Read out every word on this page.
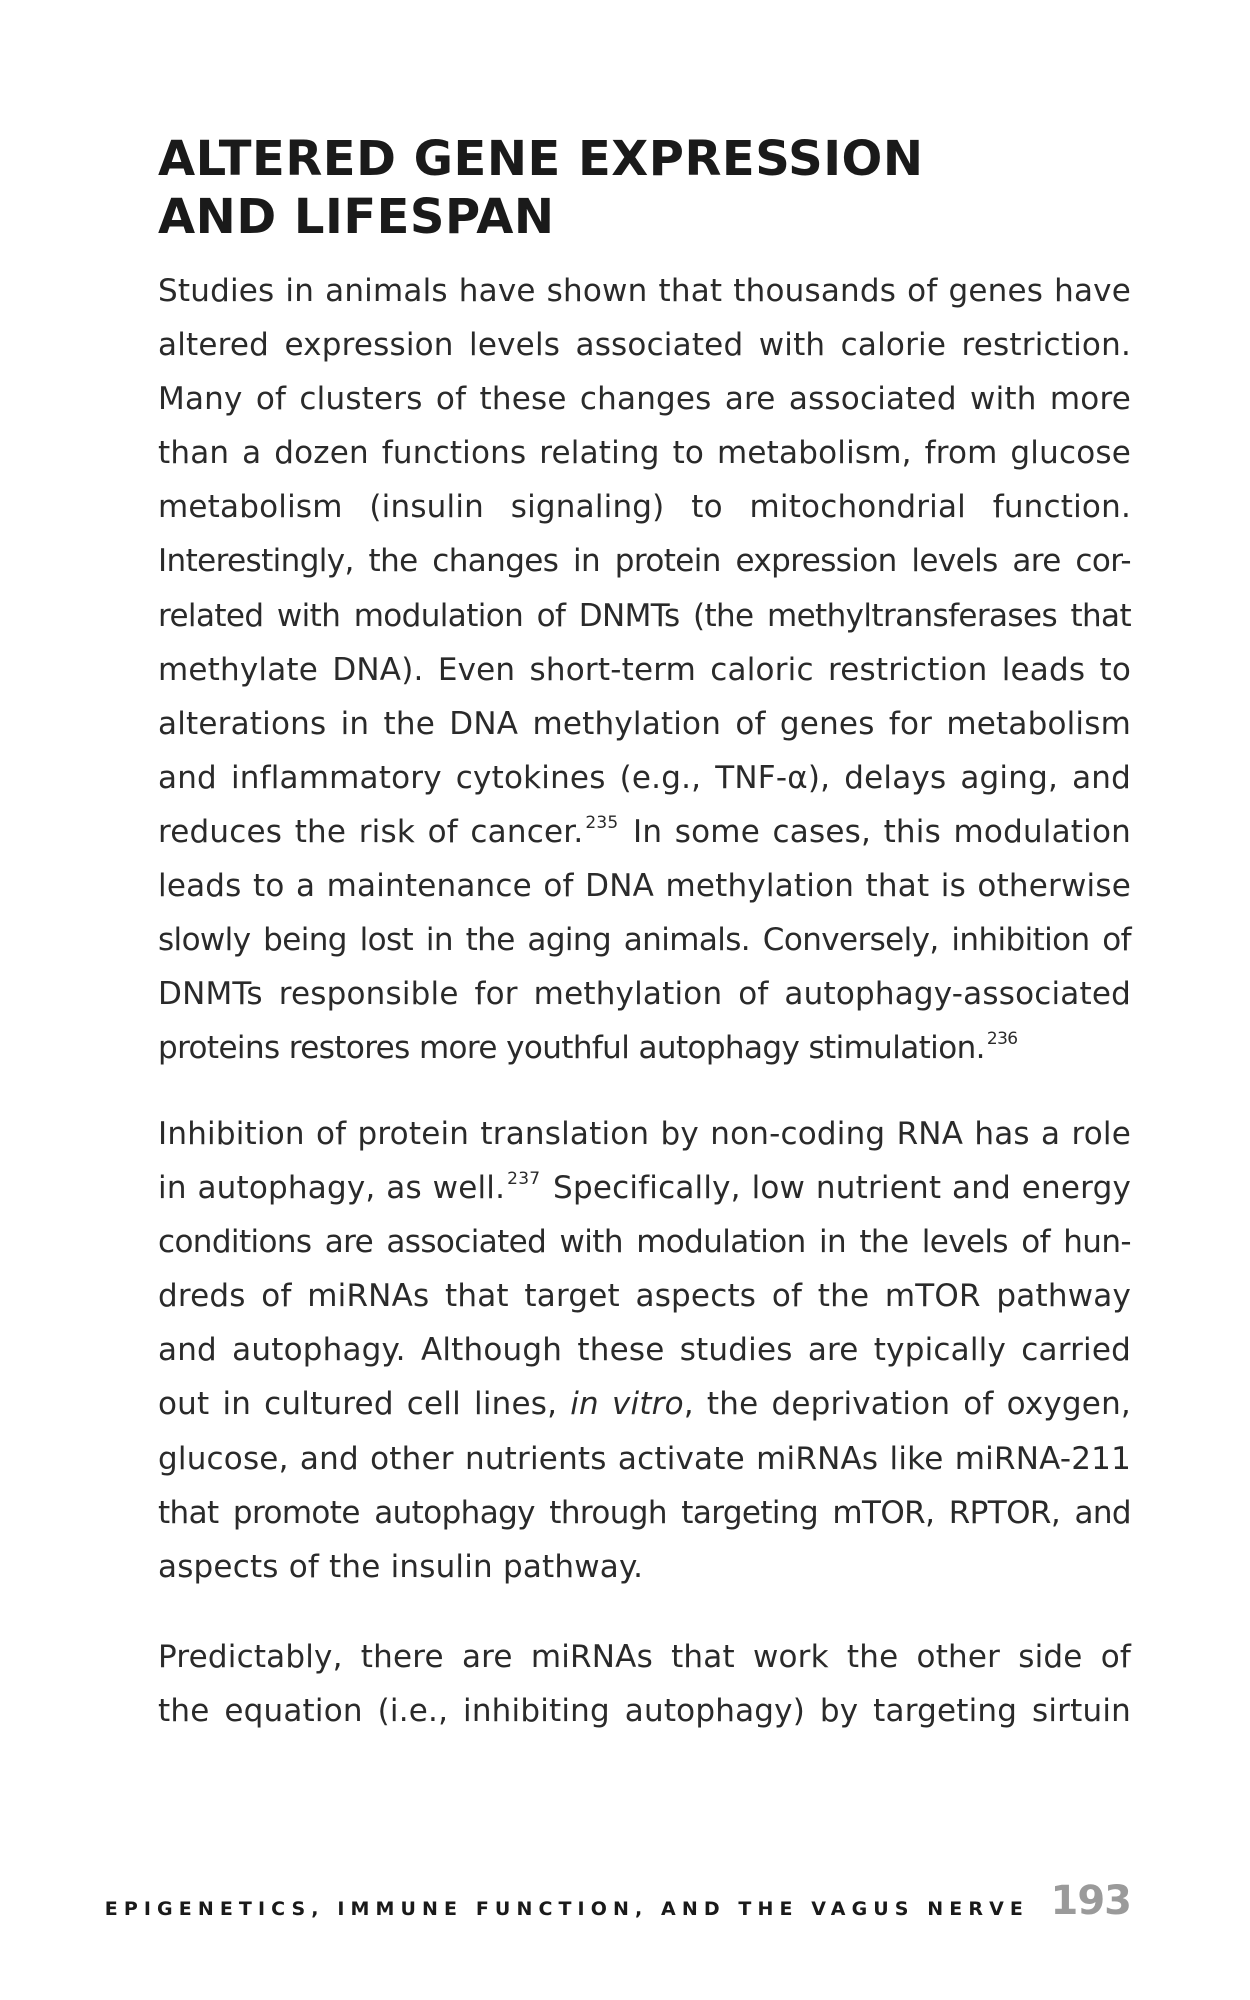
ALTERED GENE EXPRESSION
AND LIFESPAN
Studies in animals have shown that thousands of genes have
altered expression levels associated with calorie restriction.
Many of clusters of these changes are associated with more
than a dozen functions relating to metabolism, from glucose
metabolism (insulin signaling) to mitochondrial function.
Interestingly, the changes in protein expression levels are cor-
related with modulation of DNMTs (the methyltransferases that
methylate DNA). Even short-term caloric restriction leads to
alterations in the DNA methylation of genes for metabolism
and inflammatory cytokines (e.g., TNF-α), delays aging, and
reduces the risk of cancer. $^{235}$ In some cases, this modulation
leads to a maintenance of DNA methylation that is otherwise
slowly being lost in the aging animals. Conversely, inhibition of
DNMTs responsible for methylation of autophagy-associated
proteins restores more youthful autophagy stimulation. $^{236}$
Inhibition of protein translation by non-coding RNA has a role
in autophagy, as well. $^{237}$ Specifically, low nutrient and energy
conditions are associated with modulation in the levels of hun-
dreds of miRNAs that target aspects of the mTOR pathway
and autophagy. Although these studies are typically carried
out in cultured cell lines, in vitro, the deprivation of oxygen,
glucose, and other nutrients activate miRNAs like miRNA-211
that promote autophagy through targeting mTOR, RPTOR, and
aspects of the insulin pathway.
Predictably, there are miRNAs that work the other side of
the equation (i.e., inhibiting autophagy) by targeting sirtuin
EPIGENETICS, IMMUNE FUNCTION, AND THE VAGUS NERVE 193
